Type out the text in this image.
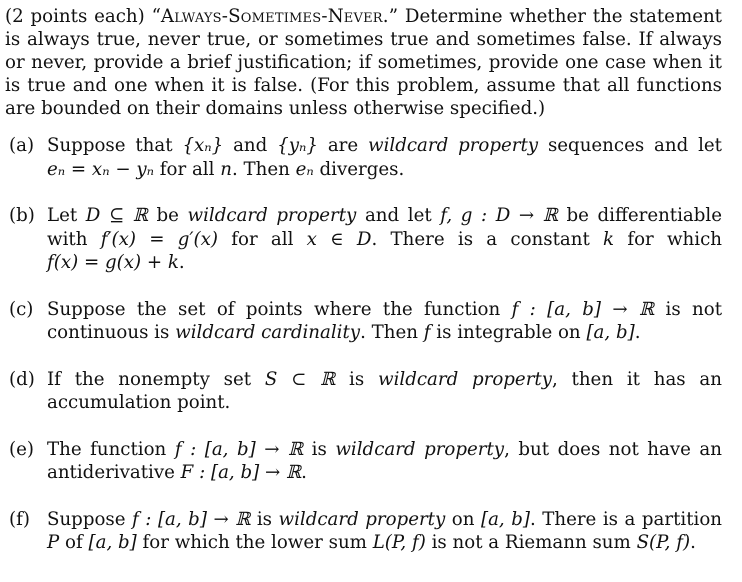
(2 points each) “Always-Sometimes-Never.” Determine whether the statement is always true, never true, or sometimes true and sometimes false. If always or never, provide a brief justification; if sometimes, provide one case when it is true and one when it is false. (For this problem, assume that all functions are bounded on their domains unless otherwise specified.)

(a) Suppose that {xₙ} and {yₙ} are wildcard property sequences and let eₙ = xₙ − yₙ for all n. Then eₙ diverges.
(b) Let D ⊆ ℝ be wildcard property and let f, g : D → ℝ be differentiable with f′(x) = g′(x) for all x ∈ D. There is a constant k for which f(x) = g(x) + k.
(c) Suppose the set of points where the function f : [a, b] → ℝ is not continuous is wildcard cardinality. Then f is integrable on [a, b].
(d) If the nonempty set S ⊂ ℝ is wildcard property, then it has an accumulation point.
(e) The function f : [a, b] → ℝ is wildcard property, but does not have an antiderivative F : [a, b] → ℝ.
(f) Suppose f : [a, b] → ℝ is wildcard property on [a, b]. There is a partition P of [a, b] for which the lower sum L(P, f) is not a Riemann sum S(P, f).
